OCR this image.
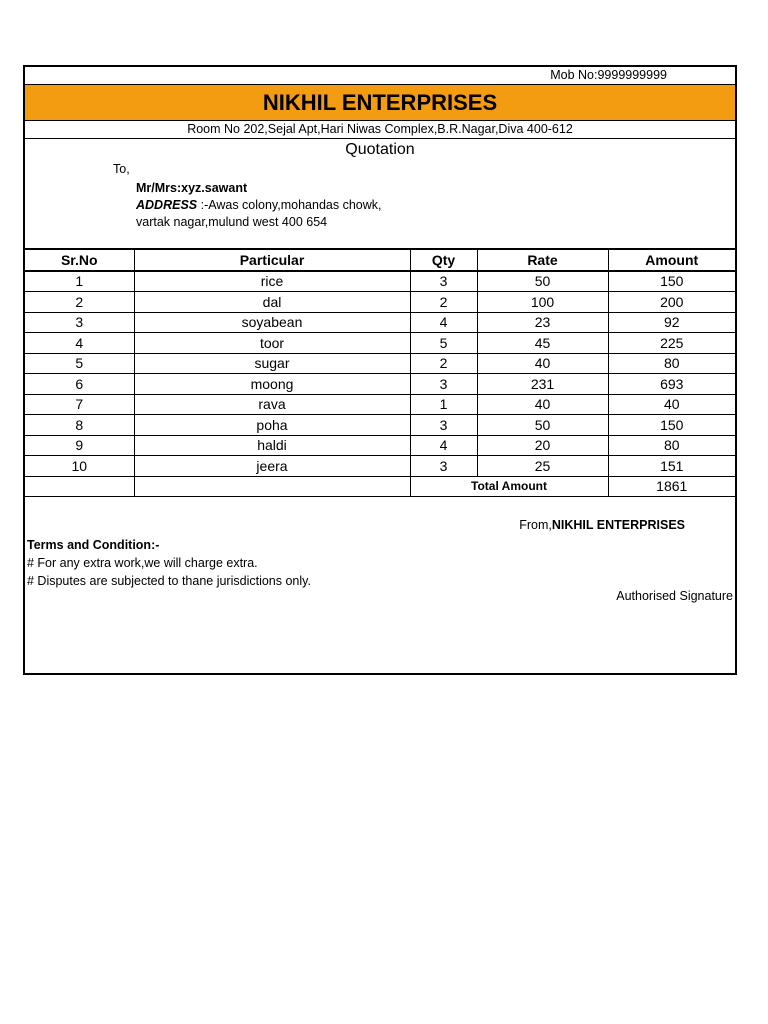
Mob No:9999999999
NIKHIL ENTERPRISES
Room No 202,Sejal Apt,Hari Niwas Complex,B.R.Nagar,Diva 400-612
Quotation
To,
Mr/Mrs:xyz.sawant
ADDRESS :-Awas colony,mohandas chowk,
vartak nagar,mulund west 400 654
Sr.No	Particular	Qty	Rate	Amount
1	rice	3	50	150
2	dal	2	100	200
3	soyabean	4	23	92
4	toor	5	45	225
5	sugar	2	40	80
6	moong	3	231	693
7	rava	1	40	40
8	poha	3	50	150
9	haldi	4	20	80
10	jeera	3	25	151
		Total Amount		1861
From,NIKHIL ENTERPRISES
Terms and Condition:-
# For any extra work,we will charge extra.
# Disputes are subjected to thane jurisdictions only.
Authorised Signature
